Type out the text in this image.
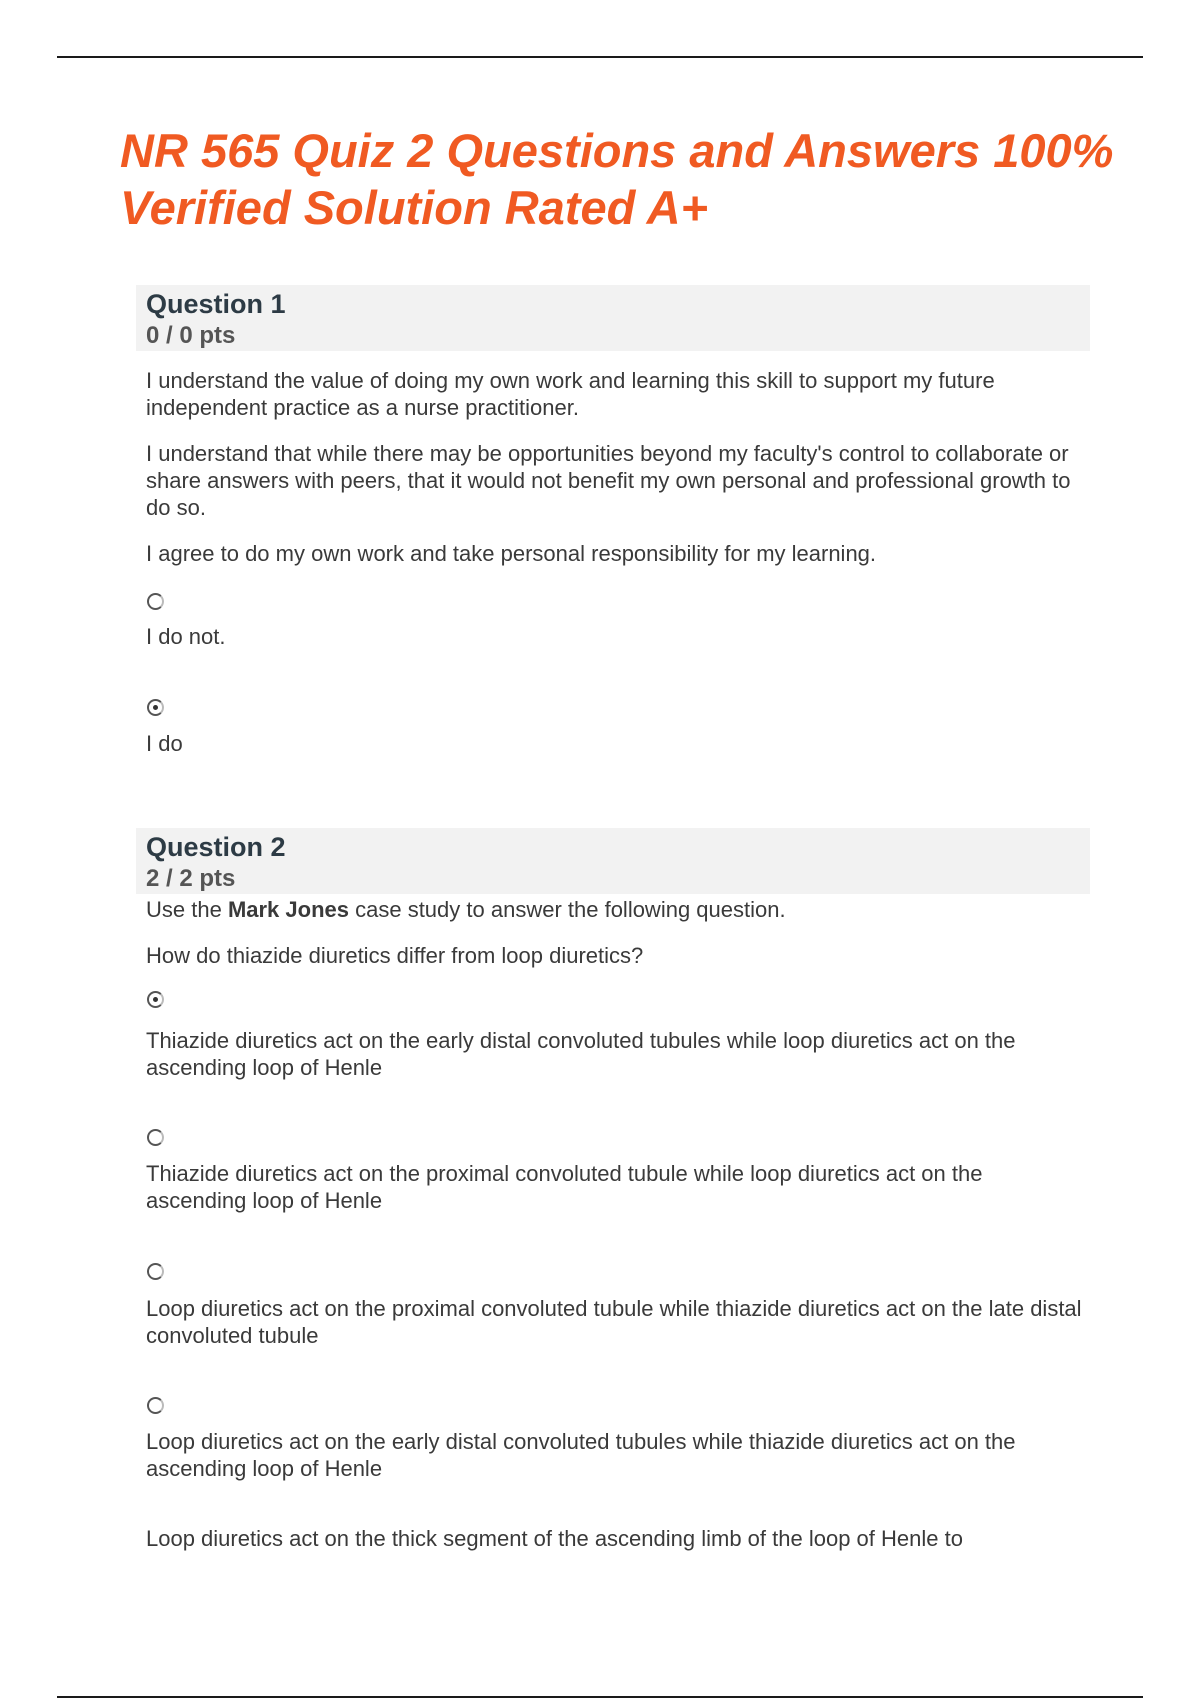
NR 565 Quiz 2 Questions and Answers 100% Verified Solution Rated A+
Question 1
0 / 0 pts

I understand the value of doing my own work and learning this skill to support my future independent practice as a nurse practitioner.

I understand that while there may be opportunities beyond my faculty's control to collaborate or share answers with peers, that it would not benefit my own personal and professional growth to do so.

I agree to do my own work and take personal responsibility for my learning.

I do not.

I do

Question 2
2 / 2 pts

Use the Mark Jones case study to answer the following question.

How do thiazide diuretics differ from loop diuretics?

Thiazide diuretics act on the early distal convoluted tubules while loop diuretics act on the ascending loop of Henle

Thiazide diuretics act on the proximal convoluted tubule while loop diuretics act on the ascending loop of Henle

Loop diuretics act on the proximal convoluted tubule while thiazide diuretics act on the late distal convoluted tubule

Loop diuretics act on the early distal convoluted tubules while thiazide diuretics act on the ascending loop of Henle

Loop diuretics act on the thick segment of the ascending limb of the loop of Henle to
